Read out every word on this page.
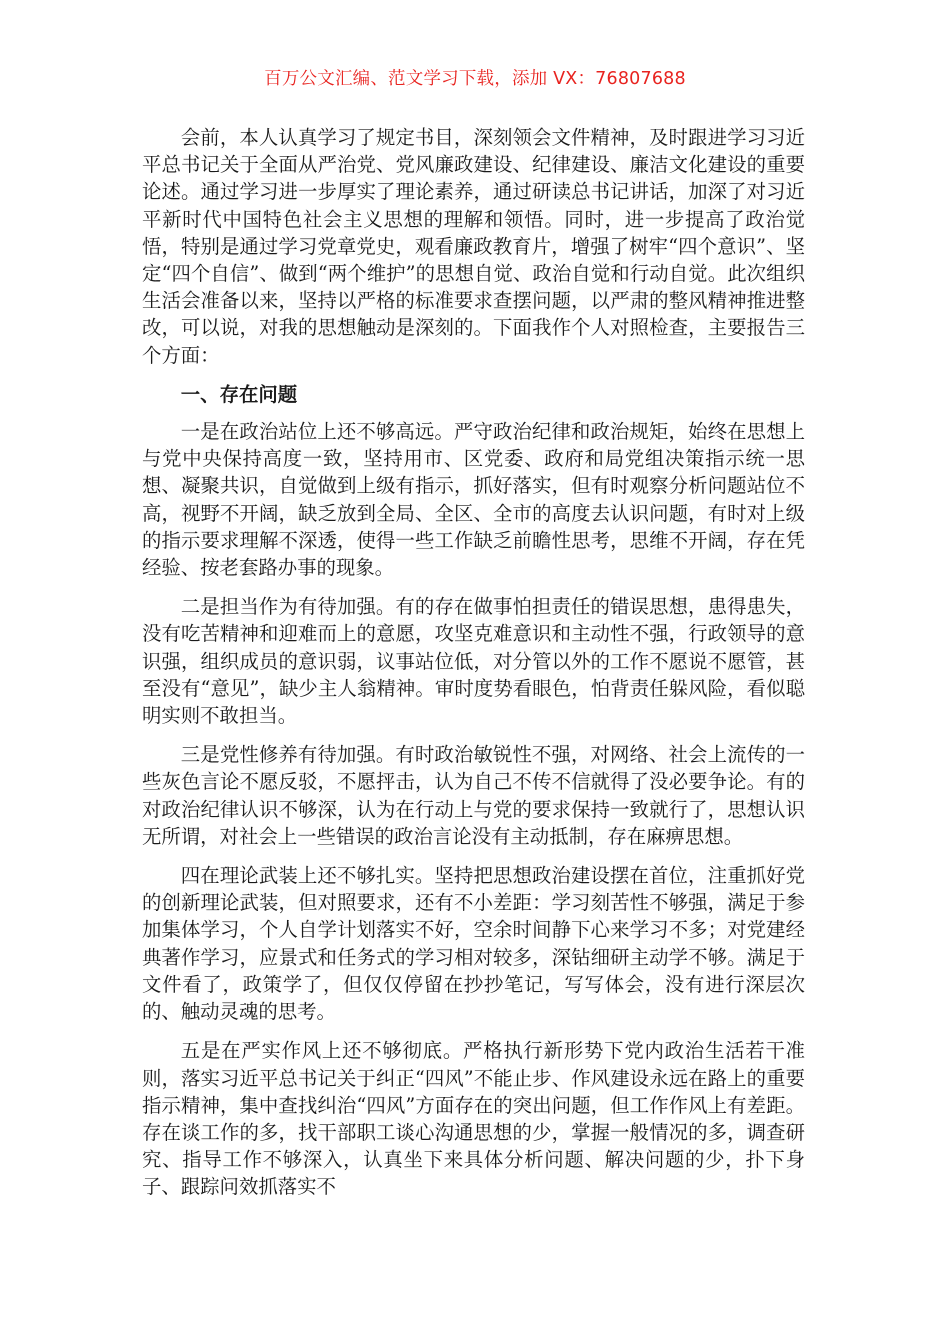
百万公文汇编、范文学习下载，添加 VX：76807688

会前，本人认真学习了规定书目，深刻领会文件精神，及时跟进学习习近平总书记关于全面从严治党、党风廉政建设、纪律建设、廉洁文化建设的重要论述。通过学习进一步厚实了理论素养，通过研读总书记讲话，加深了对习近平新时代中国特色社会主义思想的理解和领悟。同时，进一步提高了政治觉悟，特别是通过学习党章党史，观看廉政教育片，增强了树牢“四个意识”、坚定“四个自信”、做到“两个维护”的思想自觉、政治自觉和行动自觉。此次组织生活会准备以来，坚持以严格的标准要求查摆问题，以严肃的整风精神推进整改，可以说，对我的思想触动是深刻的。下面我作个人对照检查，主要报告三个方面：

一、存在问题

一是在政治站位上还不够高远。严守政治纪律和政治规矩，始终在思想上与党中央保持高度一致，坚持用市、区党委、政府和局党组决策指示统一思想、凝聚共识，自觉做到上级有指示，抓好落实，但有时观察分析问题站位不高，视野不开阔，缺乏放到全局、全区、全市的高度去认识问题，有时对上级的指示要求理解不深透，使得一些工作缺乏前瞻性思考，思维不开阔，存在凭经验、按老套路办事的现象。

二是担当作为有待加强。有的存在做事怕担责任的错误思想，患得患失，没有吃苦精神和迎难而上的意愿，攻坚克难意识和主动性不强，行政领导的意识强，组织成员的意识弱，议事站位低，对分管以外的工作不愿说不愿管，甚至没有“意见”，缺少主人翁精神。审时度势看眼色，怕背责任躲风险，看似聪明实则不敢担当。

三是党性修养有待加强。有时政治敏锐性不强，对网络、社会上流传的一些灰色言论不愿反驳，不愿抨击，认为自己不传不信就得了没必要争论。有的对政治纪律认识不够深，认为在行动上与党的要求保持一致就行了，思想认识无所谓，对社会上一些错误的政治言论没有主动抵制，存在麻痹思想。

四在理论武装上还不够扎实。坚持把思想政治建设摆在首位，注重抓好党的创新理论武装，但对照要求，还有不小差距：学习刻苦性不够强，满足于参加集体学习，个人自学计划落实不好，空余时间静下心来学习不多；对党建经典著作学习，应景式和任务式的学习相对较多，深钻细研主动学不够。满足于文件看了，政策学了，但仅仅停留在抄抄笔记，写写体会，没有进行深层次的、触动灵魂的思考。

五是在严实作风上还不够彻底。严格执行新形势下党内政治生活若干准则，落实习近平总书记关于纠正“四风”不能止步、作风建设永远在路上的重要指示精神，集中查找纠治“四风”方面存在的突出问题，但工作作风上有差距。存在谈工作的多，找干部职工谈心沟通思想的少，掌握一般情况的多，调查研究、指导工作不够深入，认真坐下来具体分析问题、解决问题的少，扑下身子、跟踪问效抓落实不
